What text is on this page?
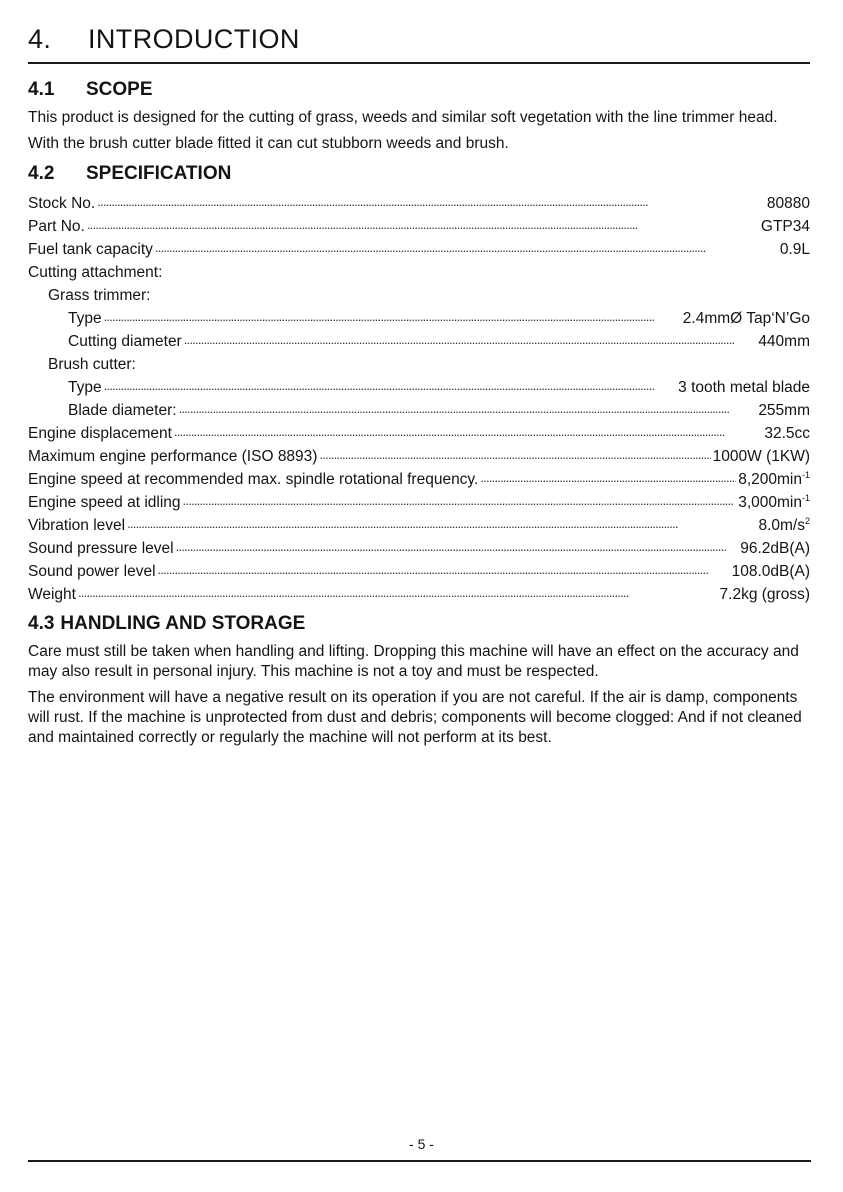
4. INTRODUCTION
4.1 SCOPE

This product is designed for the cutting of grass, weeds and similar soft vegetation with the line trimmer head.

With the brush cutter blade fitted it can cut stubborn weeds and brush.

4.2 SPECIFICATION
Stock No. . . .	80880
Part No. . . .	GTP34
Fuel tank capacity . . .	0.9L
Cutting attachment:
Grass trimmer:
Type . . .	2.4mmØ Tap‘N’Go
Cutting diameter . . .	440mm
Brush cutter:
Type . . .	3 tooth metal blade
Blade diameter: . . .	255mm
Engine displacement . . .	32.5cc
Maximum engine performance (ISO 8893) . . .	1000W (1KW)
Engine speed at recommended max. spindle rotational frequency. . . .	$8,200\min^{-1}$
Engine speed at idling . . .	$3,000\min^{-1}$
Vibration level . . .	$8.0m/s^2$
Sound pressure level . . .	96.2dB(A)
Sound power level . . .	108.0dB(A)
Weight . . .	7.2kg (gross)
4.3 HANDLING AND STORAGE

Care must still be taken when handling and lifting. Dropping this machine will have an effect on the accuracy and may also result in personal injury. This machine is not a toy and must be respected.

The environment will have a negative result on its operation if you are not careful. If the air is damp, components will rust. If the machine is unprotected from dust and debris; components will become clogged: And if not cleaned and maintained correctly or regularly the machine will not perform at its best.

- 5 -
